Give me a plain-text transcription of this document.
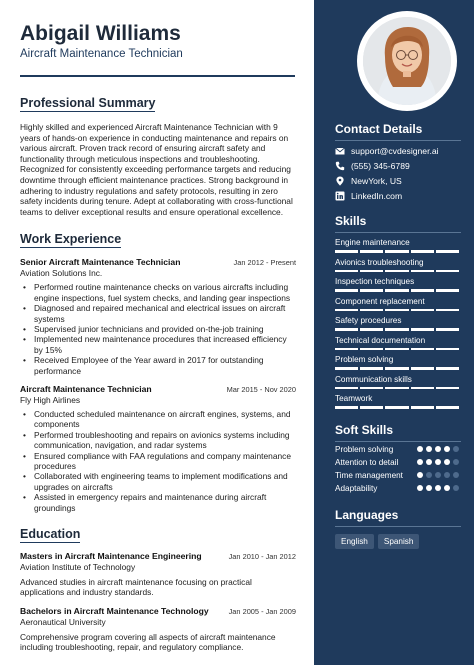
Abigail Williams
Aircraft Maintenance Technician
Professional Summary

Highly skilled and experienced Aircraft Maintenance Technician with 9 years of hands-on experience in conducting maintenance and repairs on various aircraft. Proven track record of ensuring aircraft safety and functionality through meticulous inspections and troubleshooting. Recognized for consistently exceeding performance targets and reducing downtime through efficient maintenance practices. Strong background in adhering to industry regulations and safety protocols, resulting in zero safety incidents during tenure. Adept at collaborating with cross-functional teams to deliver exceptional results and ensure operational excellence.

Work Experience
Senior Aircraft Maintenance Technician	Jan 2012 - Present
Aviation Solutions Inc.
• Performed routine maintenance checks on various aircrafts including engine inspections, fuel system checks, and landing gear inspections
• Diagnosed and repaired mechanical and electrical issues on aircraft systems
• Supervised junior technicians and provided on-the-job training
• Implemented new maintenance procedures that increased efficiency by 15%
• Received Employee of the Year award in 2017 for outstanding performance
Aircraft Maintenance Technician	Mar 2015 - Nov 2020
Fly High Airlines
• Conducted scheduled maintenance on aircraft engines, systems, and components
• Performed troubleshooting and repairs on avionics systems including communication, navigation, and radar systems
• Ensured compliance with FAA regulations and company maintenance procedures
• Collaborated with engineering teams to implement modifications and upgrades on aircrafts
• Assisted in emergency repairs and maintenance during aircraft groundings
Education
Masters in Aircraft Maintenance Engineering	Jan 2010 - Jan 2012
Aviation Institute of Technology

Advanced studies in aircraft maintenance focusing on practical applications and industry standards.

Bachelors in Aircraft Maintenance Technology	Jan 2005 - Jan 2009
Aeronautical University

Comprehensive program covering all aspects of aircraft maintenance including troubleshooting, repair, and regulatory compliance.

Contact Details
support@cvdesigner.ai
(555) 345-6789
NewYork, US
LinkedIn.com
Skills
Engine maintenance
Avionics troubleshooting
Inspection techniques
Component replacement
Safety procedures
Technical documentation
Problem solving
Communication skills
Teamwork
Soft Skills
Problem solving
Attention to detail
Time management
Adaptability
Languages
English	Spanish
